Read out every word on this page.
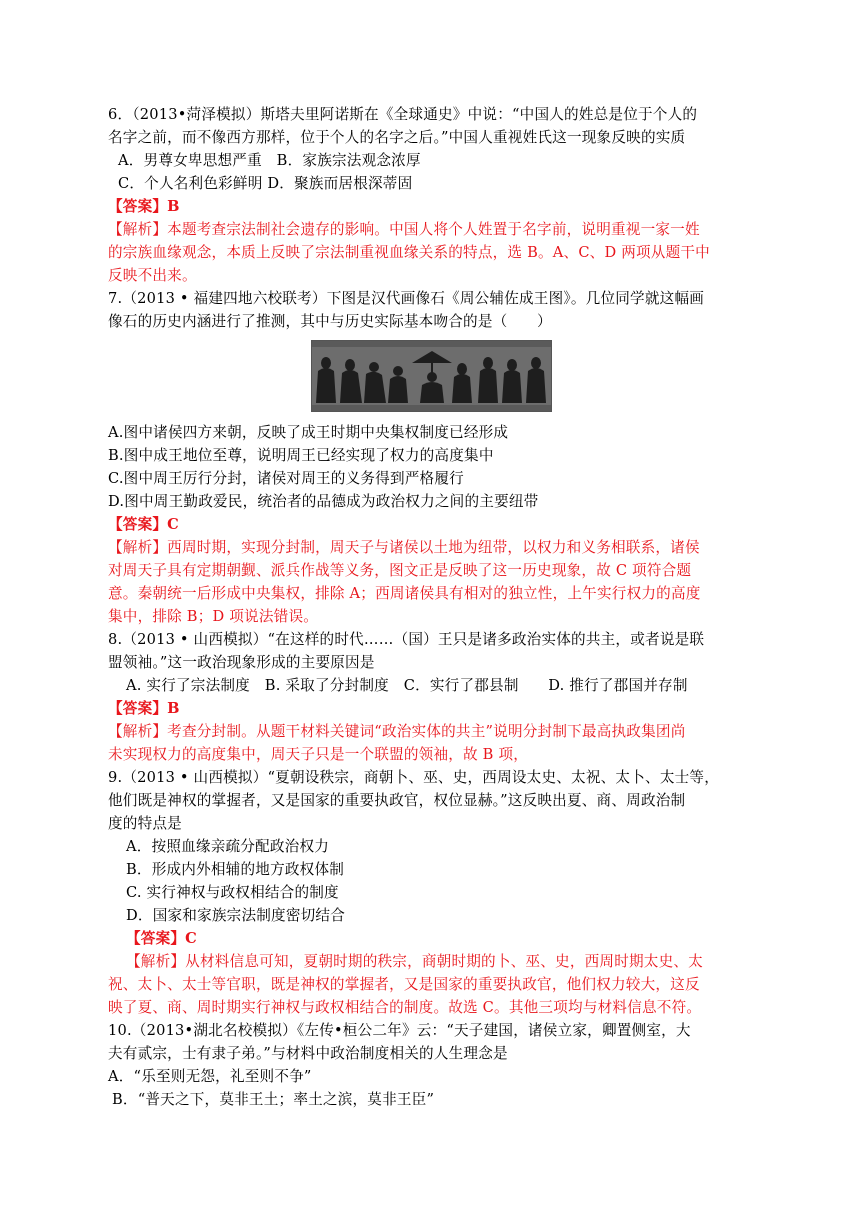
6．（2013•菏泽模拟）斯塔夫里阿诺斯在《全球通史》中说：“中国人的姓总是位于个人的
名字之前，而不像西方那样，位于个人的名字之后。”中国人重视姓氏这一现象反映的实质
A．男尊女卑思想严重　B．家族宗法观念浓厚
C．个人名利色彩鲜明 D．聚族而居根深蒂固
【答案】B
【解析】本题考查宗法制社会遗存的影响。中国人将个人姓置于名字前，说明重视一家一姓
的宗族血缘观念，本质上反映了宗法制重视血缘关系的特点，选 B。A、C、D 两项从题干中
反映不出来。
7.（2013 • 福建四地六校联考）下图是汉代画像石《周公辅佐成王图》。几位同学就这幅画
像石的历史内涵进行了推测，其中与历史实际基本吻合的是（　　）
A.图中诸侯四方来朝，反映了成王时期中央集权制度已经形成
B.图中成王地位至尊，说明周王已经实现了权力的高度集中
C.图中周王厉行分封，诸侯对周王的义务得到严格履行
D.图中周王勤政爱民，统治者的品德成为政治权力之间的主要纽带
【答案】C
【解析】西周时期，实现分封制，周天子与诸侯以土地为纽带，以权力和义务相联系，诸侯
对周天子具有定期朝觐、派兵作战等义务，图文正是反映了这一历史现象，故 C 项符合题
意。秦朝统一后形成中央集权，排除 A；西周诸侯具有相对的独立性，上午实行权力的高度
集中，排除 B；D 项说法错误。
8.（2013 • 山西模拟）“在这样的时代……（国）王只是诸多政治实体的共主，或者说是联
盟领袖。”这一政治现象形成的主要原因是
A. 实行了宗法制度　B. 采取了分封制度　C．实行了郡县制　　D. 推行了郡国并存制
【答案】B
【解析】考查分封制。从题干材料关键词“政治实体的共主”说明分封制下最高执政集团尚
未实现权力的高度集中，周天子只是一个联盟的领袖，故 B 项，
9.（2013 • 山西模拟）“夏朝设秩宗，商朝卜、巫、史，西周设太史、太祝、太卜、太士等，
他们既是神权的掌握者，又是国家的重要执政官，权位显赫。”这反映出夏、商、周政治制
度的特点是
A．按照血缘亲疏分配政治权力
B．形成内外相辅的地方政权体制
C. 实行神权与政权相结合的制度
D．国家和家族宗法制度密切结合
【答案】C
【解析】从材料信息可知，夏朝时期的秩宗，商朝时期的卜、巫、史，西周时期太史、太
祝、太卜、太士等官职，既是神权的掌握者，又是国家的重要执政官，他们权力较大，这反
映了夏、商、周时期实行神权与政权相结合的制度。故选 C。其他三项均与材料信息不符。
10.（2013•湖北名校模拟）《左传•桓公二年》云：“天子建国，诸侯立家，卿置侧室，大
夫有贰宗，士有隶子弟。”与材料中政治制度相关的人生理念是
A．“乐至则无怨，礼至则不争”
B．“普天之下，莫非王土；率土之滨，莫非王臣”
